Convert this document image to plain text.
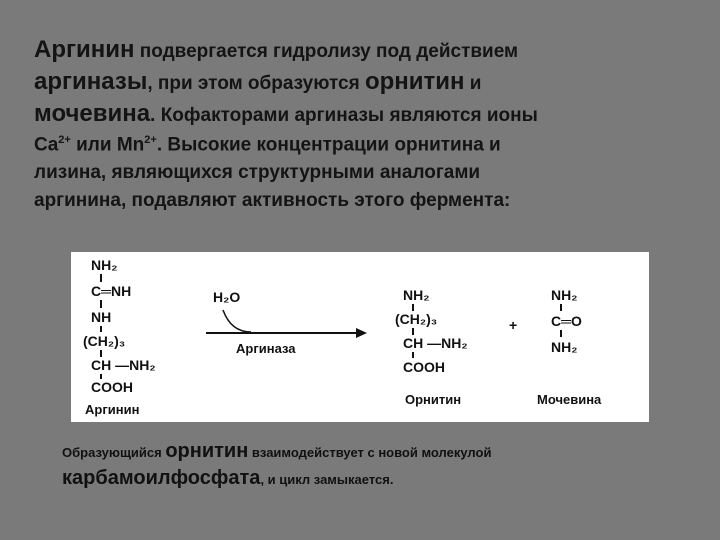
Аргинин подвергается гидролизу под действием
аргиназы, при этом образуются орнитин и
мочевина. Кофакторами аргиназы являются ионы
$Ca^{2+}$ или $Mn^{2+}$. Высокие концентрации орнитина и
лизина, являющихся структурными аналогами
аргинина, подавляют активность этого фермента:
NH₂
C═NH
NH
(CH₂)₃
CH —NH₂
COOH
Аргинин
H₂O
Аргиназа
NH₂
(CH₂)₃
CH —NH₂
COOH
Орнитин
+
NH₂
C═O
NH₂
Мочевина
Образующийся орнитин взаимодействует с новой молекулой
карбамоилфосфата, и цикл замыкается.
